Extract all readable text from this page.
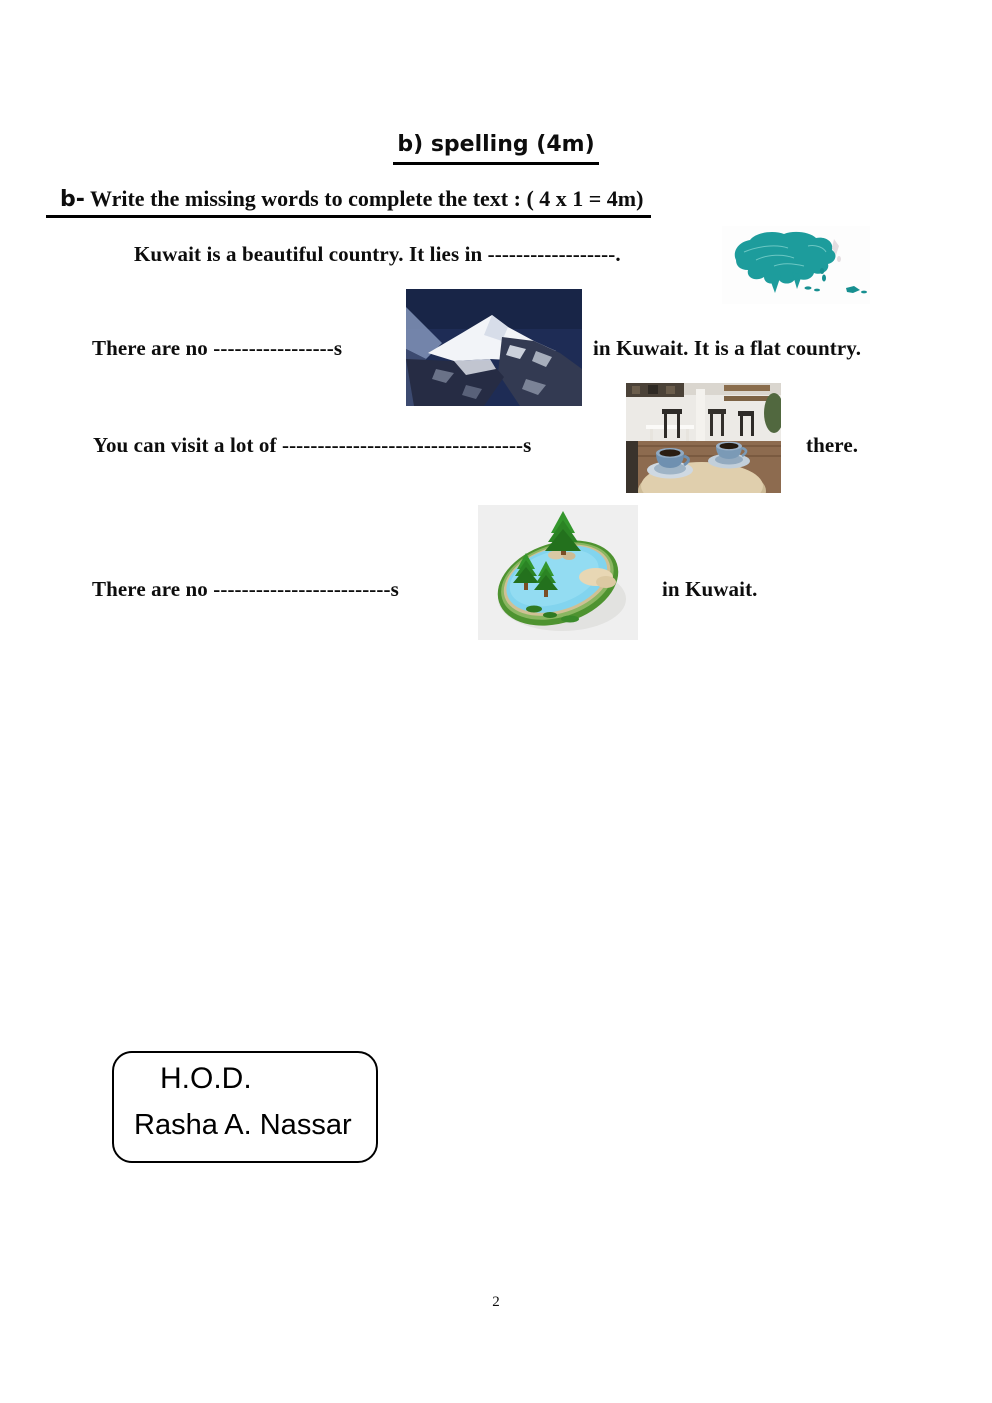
b) spelling (4m)
b- Write the missing words to complete the text : ( 4 x 1 = 4m)

Kuwait is a beautiful country. It lies in ------------------.

There are no -----------------s	in Kuwait. It is a flat country.

You can visit a lot of ----------------------------------s	there.

There are no -------------------------s	in Kuwait.

H.O.D.
Rasha A. Nassar
2
